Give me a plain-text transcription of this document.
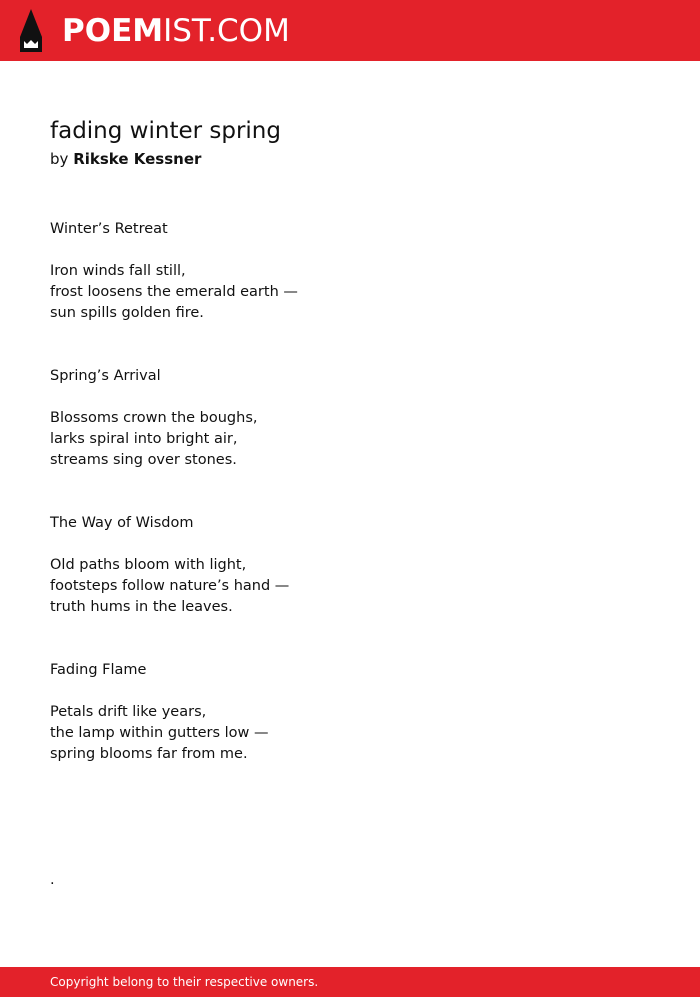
POEMIST.COM
fading winter spring
by Rikske Kessner
Winter’s Retreat
Iron winds fall still,
frost loosens the emerald earth —
sun spills golden fire.
Spring’s Arrival
Blossoms crown the boughs,
larks spiral into bright air,
streams sing over stones.
The Way of Wisdom
Old paths bloom with light,
footsteps follow nature’s hand —
truth hums in the leaves.
Fading Flame
Petals drift like years,
the lamp within gutters low —
spring blooms far from me.
.
Copyright belong to their respective owners.
